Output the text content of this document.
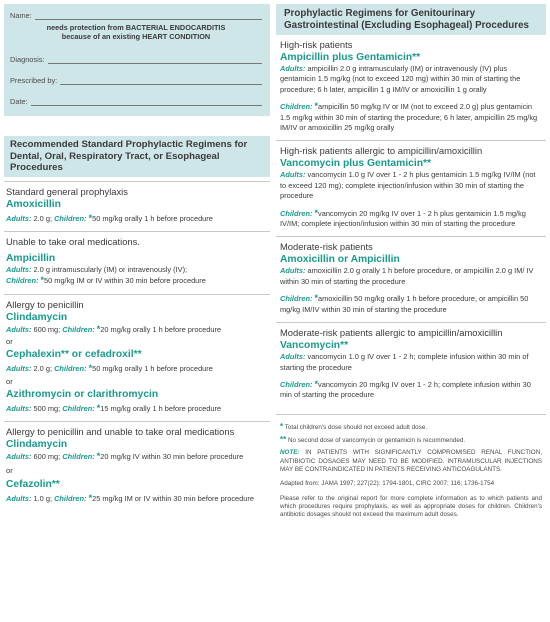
Name:
needs protection from BACTERIAL ENDOCARDITIS
because of an existing HEART CONDITION
Diagnosis:
Prescribed by:
Date:
Recommended Standard Prophylactic Regimens for Dental, Oral, Respiratory Tract, or Esophageal Procedures
Standard general prophylaxis
Amoxicillin
Adults: 2.0 g; Children: *50 mg/kg orally 1 h before procedure
Unable to take oral medications.
Ampicillin
Adults: 2.0 g intramuscularly (IM) or intravenously (IV);
Children: *50 mg/kg IM or IV within 30 min before procedure
Allergy to penicillin
Clindamycin
Adults: 600 mg; Children: *20 mg/kg orally 1 h before procedure
or
Cephalexin** or cefadroxil**
Adults: 2.0 g; Children: *50 mg/kg orally 1 h before procedure
or
Azithromycin or clarithromycin
Adults: 500 mg; Children: *15 mg/kg orally 1 h before procedure
Allergy to penicillin and unable to take oral medications
Clindamycin
Adults: 600 mg; Children: *20 mg/kg IV within 30 min before procedure
or
Cefazolin**
Adults: 1.0 g; Children: *25 mg/kg IM or IV within 30 min before procedure
Prophylactic Regimens for Genitourinary Gastrointestinal (Excluding Esophageal) Procedures
High-risk patients
Ampicillin plus Gentamicin**
Adults: ampicillin 2.0 g intramuscularly (IM) or intravenously (IV) plus gentamicin 1.5 mg/kg (not to exceed 120 mg) within 30 min of starting the procedure; 6 h later, ampicillin 1 g IM/IV or amoxicillin 1 g orally
Children: *ampicillin 50 mg/kg IV or IM (not to exceed 2.0 g) plus gentamicin 1.5 mg/kg within 30 min of starting the procedure; 6 h later, ampicillin 25 mg/kg IM/IV or amoxicillin 25 mg/kg orally
High-risk patients allergic to ampicillin/amoxicillin
Vancomycin plus Gentamicin**
Adults: vancomycin 1.0 g IV over 1 - 2 h plus gentamicin 1.5 mg/kg IV/IM (not to exceed 120 mg); complete injection/infusion within 30 min of starting the procedure
Children: *vancomycin 20 mg/kg IV over 1 - 2 h plus gentamicin 1.5 mg/kg IV/IM; complete injection/infusion within 30 min of starting the procedure
Moderate-risk patients
Amoxicillin or Ampicillin
Adults: amoxicillin 2.0 g orally 1 h before procedure, or ampicillin 2.0 g IM/ IV within 30 min of starting the procedure
Children: *amoxicillin 50 mg/kg orally 1 h before procedure, or ampicillin 50 mg/kg IM/IV within 30 min of starting the procedure
Moderate-risk patients allergic to ampicillin/amoxicillin
Vancomycin**
Adults: vancomycin 1.0 g IV over 1 - 2 h; complete infusion within 30 min of starting the procedure
Children: *vancomycin 20 mg/kg IV over 1 - 2 h; complete infusion within 30 min of starting the procedure
* Total children's dose should not exceed adult dose.
** No second dose of vancomycin or gentamicin is recommended.
NOTE: IN PATIENTS WITH SIGNIFICANTLY COMPROMISED RENAL FUNCTION, ANTIBIOTIC DOSAGES MAY NEED TO BE MODIFIED. INTRAMUSCULAR INJECTIONS MAY BE CONTRAINDICATED IN PATIENTS RECEIVING ANTICOAGULANTS.
Adapted from: JAMA 1997; 227(22): 1794-1801, CIRC 2007; 116; 1736-1754
Please refer to the original report for more complete information as to which patients and which procedures require prophylaxis, as well as appropriate doses for children. Children's antibiotic dosages should not exceed the maximum adult doses.
